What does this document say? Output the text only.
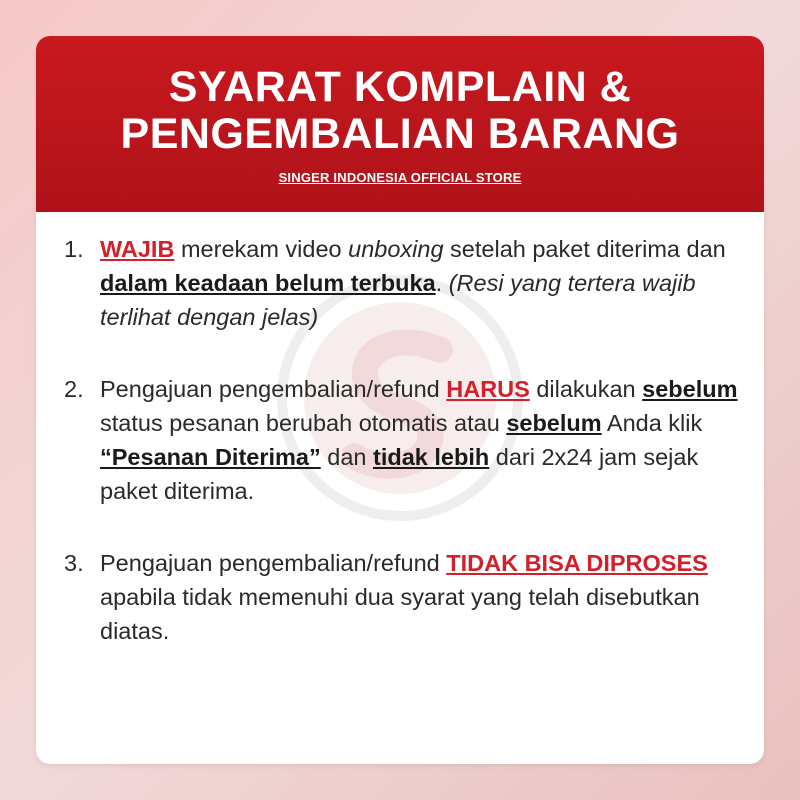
SYARAT KOMPLAIN &
PENGEMBALIAN BARANG
SINGER INDONESIA OFFICIAL STORE
1. WAJIB merekam video unboxing setelah paket diterima dan dalam keadaan belum terbuka. (Resi yang tertera wajib terlihat dengan jelas)
2. Pengajuan pengembalian/refund HARUS dilakukan sebelum status pesanan berubah otomatis atau sebelum Anda klik “Pesanan Diterima” dan tidak lebih dari 2x24 jam sejak paket diterima.
3. Pengajuan pengembalian/refund TIDAK BISA DIPROSES apabila tidak memenuhi dua syarat yang telah disebutkan diatas.
